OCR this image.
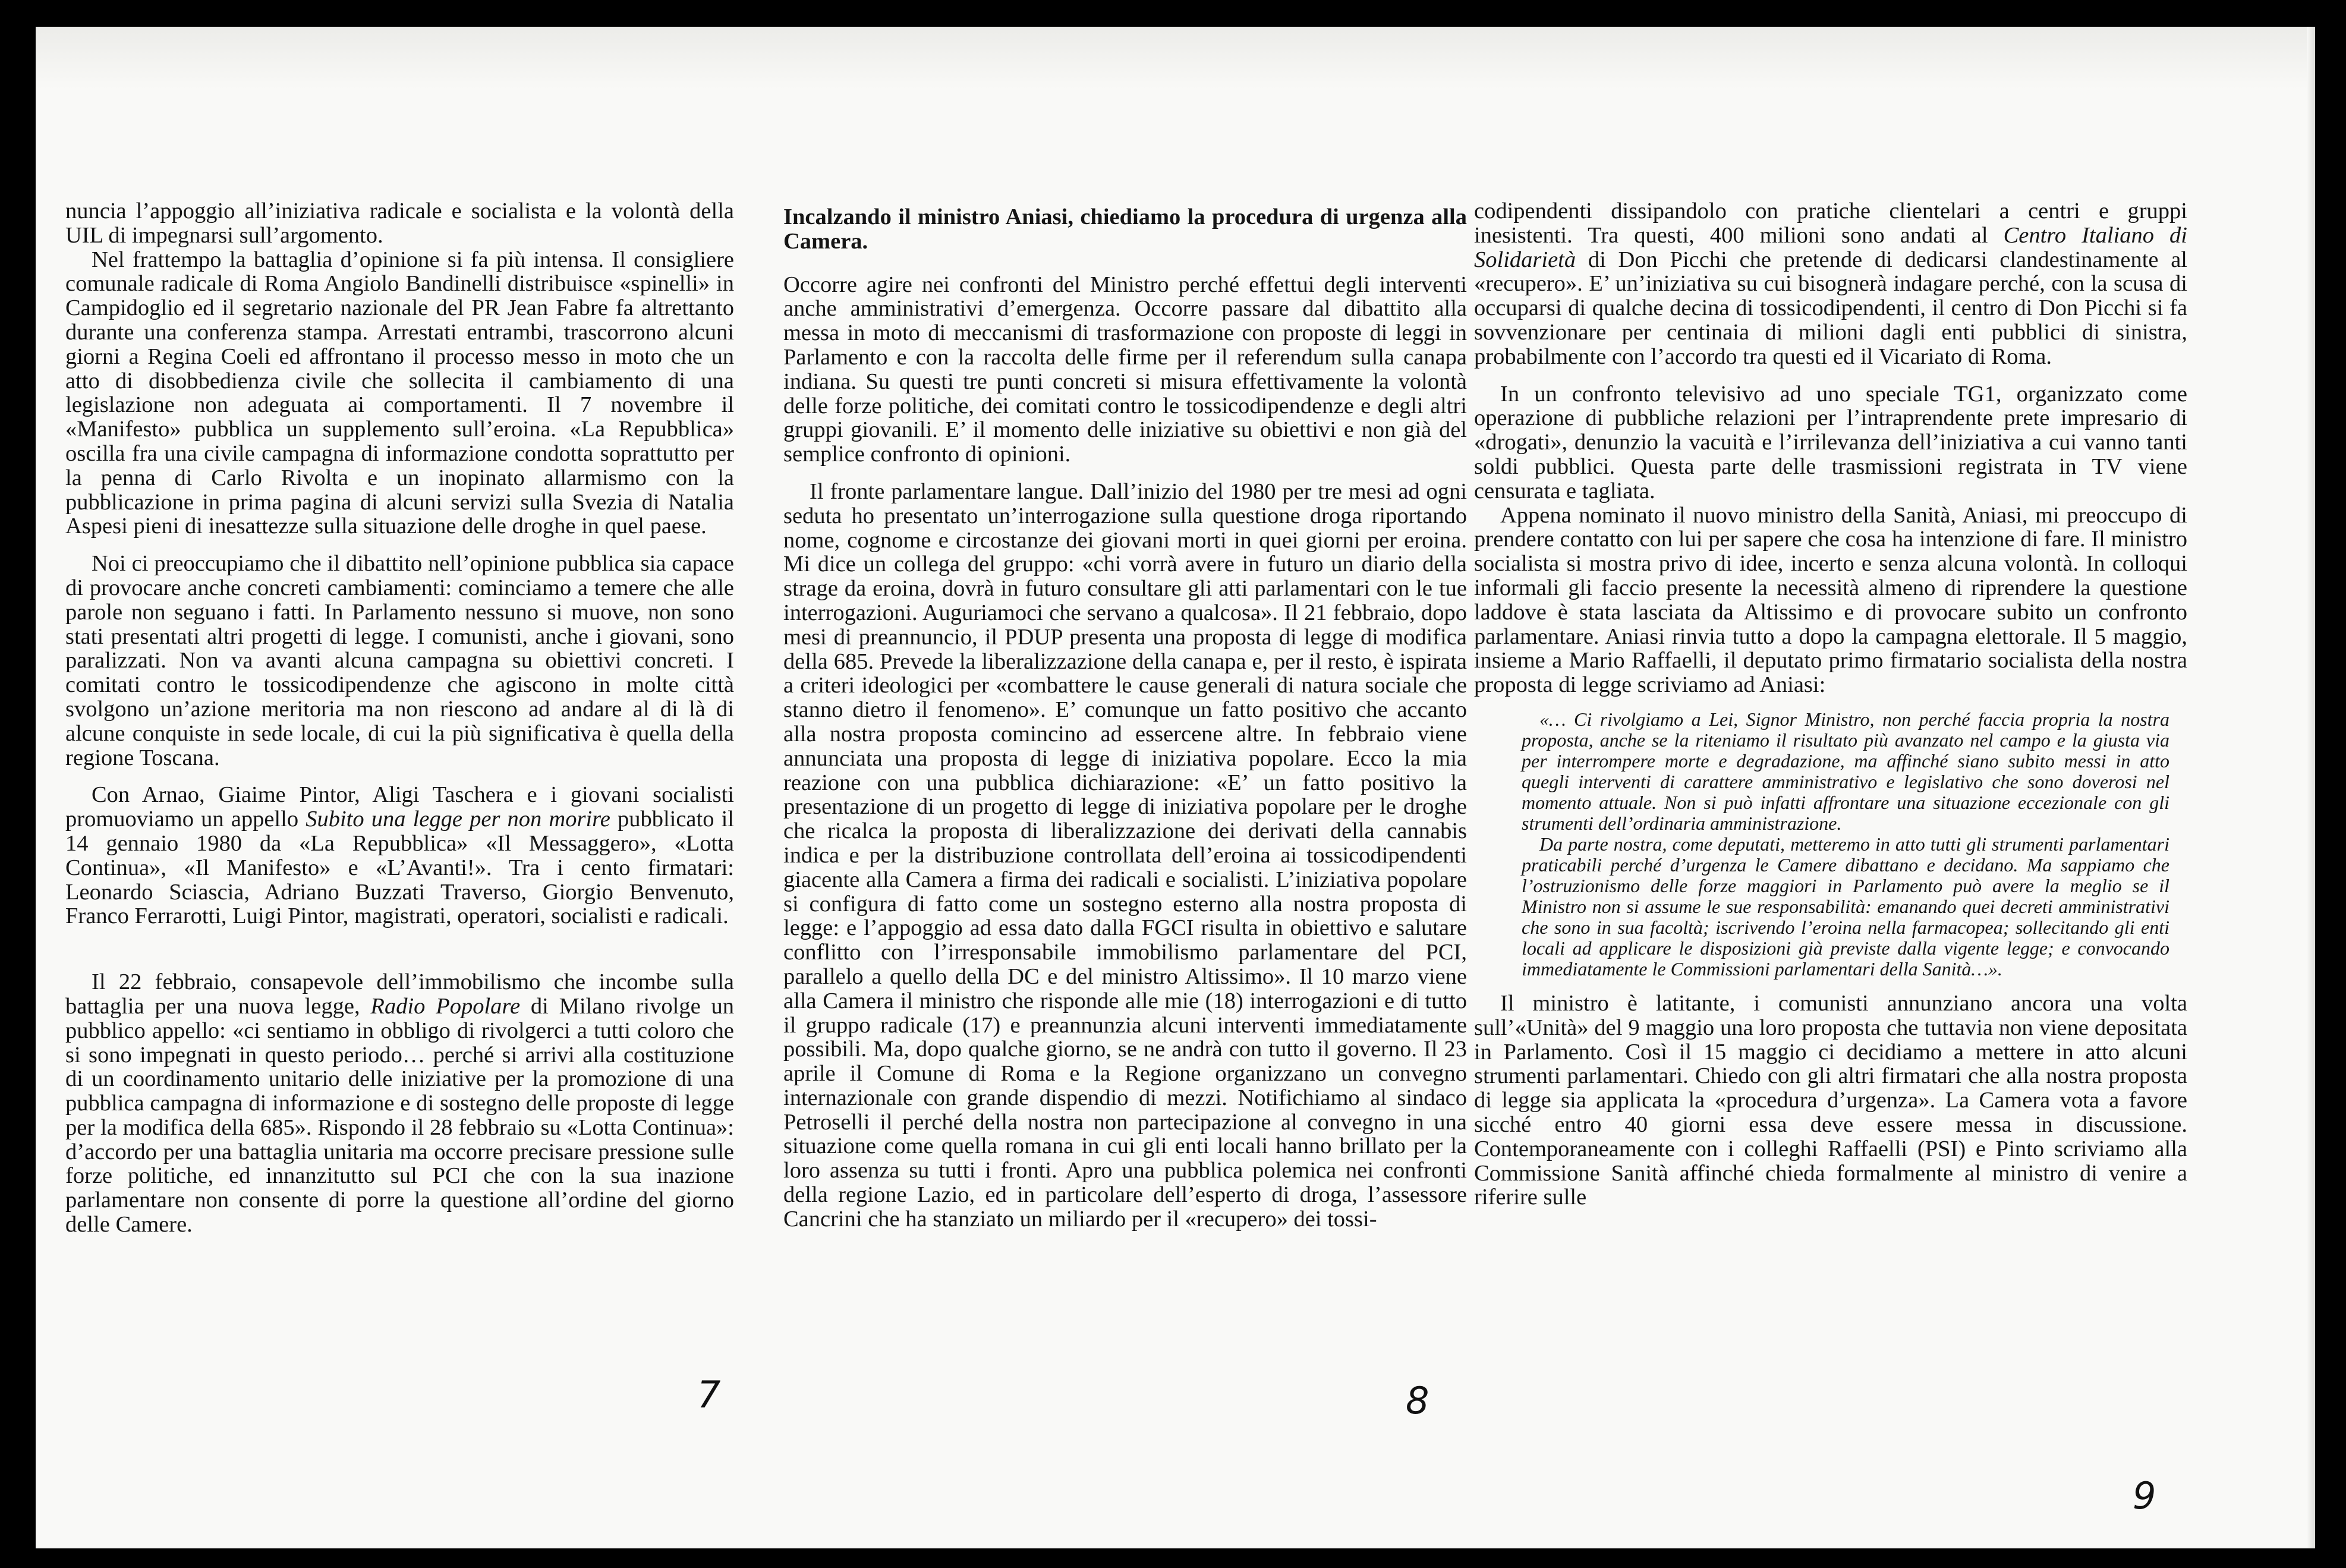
nuncia l’appoggio all’iniziativa radicale e socialista e la volontà della UIL di impegnarsi sull’argomento.

Nel frattempo la battaglia d’opinione si fa più intensa. Il consigliere comunale radicale di Roma Angiolo Bandinelli distribuisce «spinelli» in Campidoglio ed il segretario nazionale del PR Jean Fabre fa altrettanto durante una conferenza stampa. Arrestati entrambi, trascorrono alcuni giorni a Regina Coeli ed affrontano il processo messo in moto che un atto di disobbedienza civile che sollecita il cambiamento di una legislazione non adeguata ai comportamenti. Il 7 novembre il «Manifesto» pubblica un supplemento sull’eroina. «La Repubblica» oscilla fra una civile campagna di informazione condotta soprattutto per la penna di Carlo Rivolta e un inopinato allarmismo con la pubblicazione in prima pagina di alcuni servizi sulla Svezia di Natalia Aspesi pieni di inesattezze sulla situazione delle droghe in quel paese.

Noi ci preoccupiamo che il dibattito nell’opinione pubblica sia capace di provocare anche concreti cambiamenti: cominciamo a temere che alle parole non seguano i fatti. In Parlamento nessuno si muove, non sono stati presentati altri progetti di legge. I comunisti, anche i giovani, sono paralizzati. Non va avanti alcuna campagna su obiettivi concreti. I comitati contro le tossicodipendenze che agiscono in molte città svolgono un’azione meritoria ma non riescono ad andare al di là di alcune conquiste in sede locale, di cui la più significativa è quella della regione Toscana.

Con Arnao, Giaime Pintor, Aligi Taschera e i giovani socialisti promuoviamo un appello Subito una legge per non morire pubblicato il 14 gennaio 1980 da «La Repubblica» «Il Messaggero», «Lotta Continua», «Il Manifesto» e «L’Avanti!». Tra i cento firmatari: Leonardo Sciascia, Adriano Buzzati Traverso, Giorgio Benvenuto, Franco Ferrarotti, Luigi Pintor, magistrati, operatori, socialisti e radicali.

Il 22 febbraio, consapevole dell’immobilismo che incombe sulla battaglia per una nuova legge, Radio Popolare di Milano rivolge un pubblico appello: «ci sentiamo in obbligo di rivolgerci a tutti coloro che si sono impegnati in questo periodo… perché si arrivi alla costituzione di un coordinamento unitario delle iniziative per la promozione di una pubblica campagna di informazione e di sostegno delle proposte di legge per la modifica della 685». Rispondo il 28 febbraio su «Lotta Continua»: d’accordo per una battaglia unitaria ma occorre precisare pressione sulle forze politiche, ed innanzitutto sul PCI che con la sua inazione parlamentare non consente di porre la questione all’ordine del giorno delle Camere.

Incalzando il ministro Aniasi, chiediamo la procedura di urgenza alla Camera.

Occorre agire nei confronti del Ministro perché effettui degli interventi anche amministrativi d’emergenza. Occorre passare dal dibattito alla messa in moto di meccanismi di trasformazione con proposte di leggi in Parlamento e con la raccolta delle firme per il referendum sulla canapa indiana. Su questi tre punti concreti si misura effettivamente la volontà delle forze politiche, dei comitati contro le tossicodipendenze e degli altri gruppi giovanili. E’ il momento delle iniziative su obiettivi e non già del semplice confronto di opinioni.

Il fronte parlamentare langue. Dall’inizio del 1980 per tre mesi ad ogni seduta ho presentato un’interrogazione sulla questione droga riportando nome, cognome e circostanze dei giovani morti in quei giorni per eroina. Mi dice un collega del gruppo: «chi vorrà avere in futuro un diario della strage da eroina, dovrà in futuro consultare gli atti parlamentari con le tue interrogazioni. Auguriamoci che servano a qualcosa». Il 21 febbraio, dopo mesi di preannuncio, il PDUP presenta una proposta di legge di modifica della 685. Prevede la liberalizzazione della canapa e, per il resto, è ispirata a criteri ideologici per «combattere le cause generali di natura sociale che stanno dietro il fenomeno». E’ comunque un fatto positivo che accanto alla nostra proposta comincino ad essercene altre. In febbraio viene annunciata una proposta di legge di iniziativa popolare. Ecco la mia reazione con una pubblica dichiarazione: «E’ un fatto positivo la presentazione di un progetto di legge di iniziativa popolare per le droghe che ricalca la proposta di liberalizzazione dei derivati della cannabis indica e per la distribuzione controllata dell’eroina ai tossicodipendenti giacente alla Camera a firma dei radicali e socialisti. L’iniziativa popolare si configura di fatto come un sostegno esterno alla nostra proposta di legge: e l’appoggio ad essa dato dalla FGCI risulta in obiettivo e salutare conflitto con l’irresponsabile immobilismo parlamentare del PCI, parallelo a quello della DC e del ministro Altissimo». Il 10 marzo viene alla Camera il ministro che risponde alle mie (18) interrogazioni e di tutto il gruppo radicale (17) e preannunzia alcuni interventi immediatamente possibili. Ma, dopo qualche giorno, se ne andrà con tutto il governo. Il 23 aprile il Comune di Roma e la Regione organizzano un convegno internazionale con grande dispendio di mezzi. Notifichiamo al sindaco Petroselli il perché della nostra non partecipazione al convegno in una situazione come quella romana in cui gli enti locali hanno brillato per la loro assenza su tutti i fronti. Apro una pubblica polemica nei confronti della regione Lazio, ed in particolare dell’esperto di droga, l’assessore Cancrini che ha stanziato un miliardo per il «recupero» dei tossi-

codipendenti dissipandolo con pratiche clientelari a centri e gruppi inesistenti. Tra questi, 400 milioni sono andati al Centro Italiano di Solidarietà di Don Picchi che pretende di dedicarsi clandestinamente al «recupero». E’ un’iniziativa su cui bisognerà indagare perché, con la scusa di occuparsi di qualche decina di tossicodipendenti, il centro di Don Picchi si fa sovvenzionare per centinaia di milioni dagli enti pubblici di sinistra, probabilmente con l’accordo tra questi ed il Vicariato di Roma.

In un confronto televisivo ad uno speciale TG1, organizzato come operazione di pubbliche relazioni per l’intraprendente prete impresario di «drogati», denunzio la vacuità e l’irrilevanza dell’iniziativa a cui vanno tanti soldi pubblici. Questa parte delle trasmissioni registrata in TV viene censurata e tagliata.

Appena nominato il nuovo ministro della Sanità, Aniasi, mi preoccupo di prendere contatto con lui per sapere che cosa ha intenzione di fare. Il ministro socialista si mostra privo di idee, incerto e senza alcuna volontà. In colloqui informali gli faccio presente la necessità almeno di riprendere la questione laddove è stata lasciata da Altissimo e di provocare subito un confronto parlamentare. Aniasi rinvia tutto a dopo la campagna elettorale. Il 5 maggio, insieme a Mario Raffaelli, il deputato primo firmatario socialista della nostra proposta di legge scriviamo ad Aniasi:

«… Ci rivolgiamo a Lei, Signor Ministro, non perché faccia propria la nostra proposta, anche se la riteniamo il risultato più avanzato nel campo e la giusta via per interrompere morte e degradazione, ma affinché siano subito messi in atto quegli interventi di carattere amministrativo e legislativo che sono doverosi nel momento attuale. Non si può infatti affrontare una situazione eccezionale con gli strumenti dell’ordinaria amministrazione.

Da parte nostra, come deputati, metteremo in atto tutti gli strumenti parlamentari praticabili perché d’urgenza le Camere dibattano e decidano. Ma sappiamo che l’ostruzionismo delle forze maggiori in Parlamento può avere la meglio se il Ministro non si assume le sue responsabilità: emanando quei decreti amministrativi che sono in sua facoltà; iscrivendo l’eroina nella farmacopea; sollecitando gli enti locali ad applicare le disposizioni già previste dalla vigente legge; e convocando immediatamente le Commissioni parlamentari della Sanità…».

Il ministro è latitante, i comunisti annunziano ancora una volta sull’«Unità» del 9 maggio una loro proposta che tuttavia non viene depositata in Parlamento. Così il 15 maggio ci decidiamo a mettere in atto alcuni strumenti parlamentari. Chiedo con gli altri firmatari che alla nostra proposta di legge sia applicata la «procedura d’urgenza». La Camera vota a favore sicché entro 40 giorni essa deve essere messa in discussione. Contemporaneamente con i colleghi Raffaelli (PSI) e Pinto scriviamo alla Commissione Sanità affinché chieda formalmente al ministro di venire a riferire sulle

7	8
9
